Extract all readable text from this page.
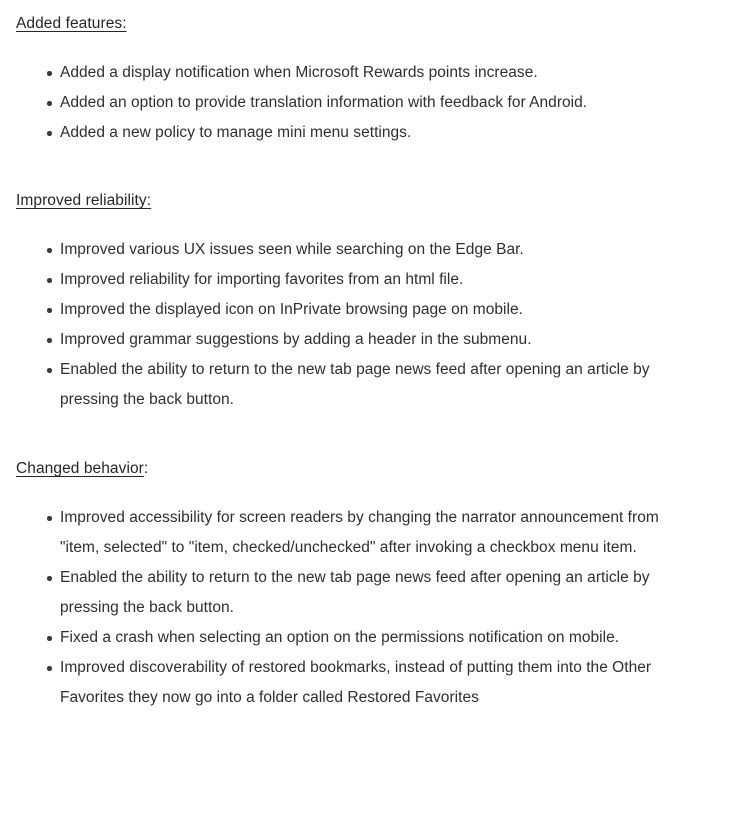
Added features:
Added a display notification when Microsoft Rewards points increase.
Added an option to provide translation information with feedback for Android.
Added a new policy to manage mini menu settings.
Improved reliability:
Improved various UX issues seen while searching on the Edge Bar.
Improved reliability for importing favorites from an html file.
Improved the displayed icon on InPrivate browsing page on mobile.
Improved grammar suggestions by adding a header in the submenu.
Enabled the ability to return to the new tab page news feed after opening an article by pressing the back button.
Changed behavior:
Improved accessibility for screen readers by changing the narrator announcement from "item, selected" to "item, checked/unchecked" after invoking a checkbox menu item.
Enabled the ability to return to the new tab page news feed after opening an article by pressing the back button.
Fixed a crash when selecting an option on the permissions notification on mobile.
Improved discoverability of restored bookmarks, instead of putting them into the Other Favorites they now go into a folder called Restored Favorites
